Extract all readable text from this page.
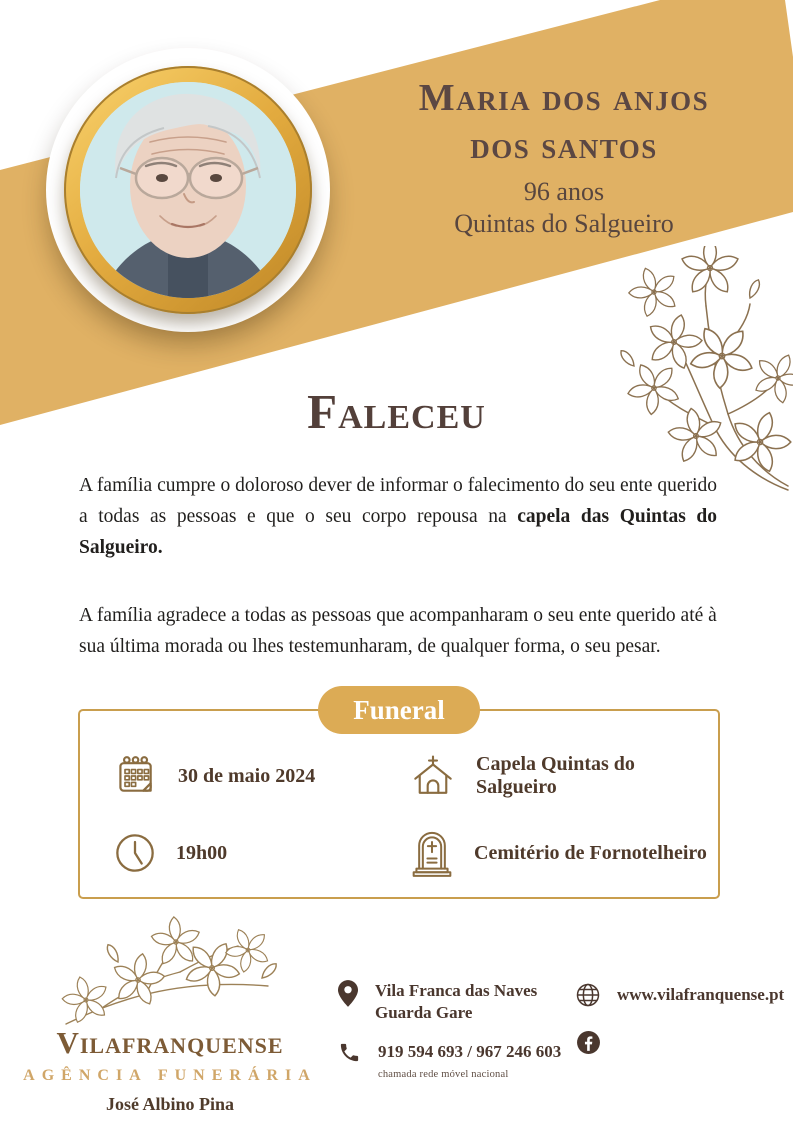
Maria dos anjos
dos santos
96 anos
Quintas do Salgueiro
Faleceu

A família cumpre o doloroso dever de informar o falecimento do seu ente querido a todas as pessoas e que o seu corpo repousa na capela das Quintas do Salgueiro.

A família agradece a todas as pessoas que acompanharam o seu ente querido até à sua última morada ou lhes testemunharam, de qualquer forma, o seu pesar.

Funeral
30 de maio 2024
Capela Quintas do Salgueiro
19h00	Cemitério de Fornotelheiro
Vilafranquense
AGÊNCIA FUNERÁRIA
José Albino Pina
Vila Franca das Naves
Guarda Gare
919 594 693 / 967 246 603
chamada rede móvel nacional
www.vilafranquense.pt
